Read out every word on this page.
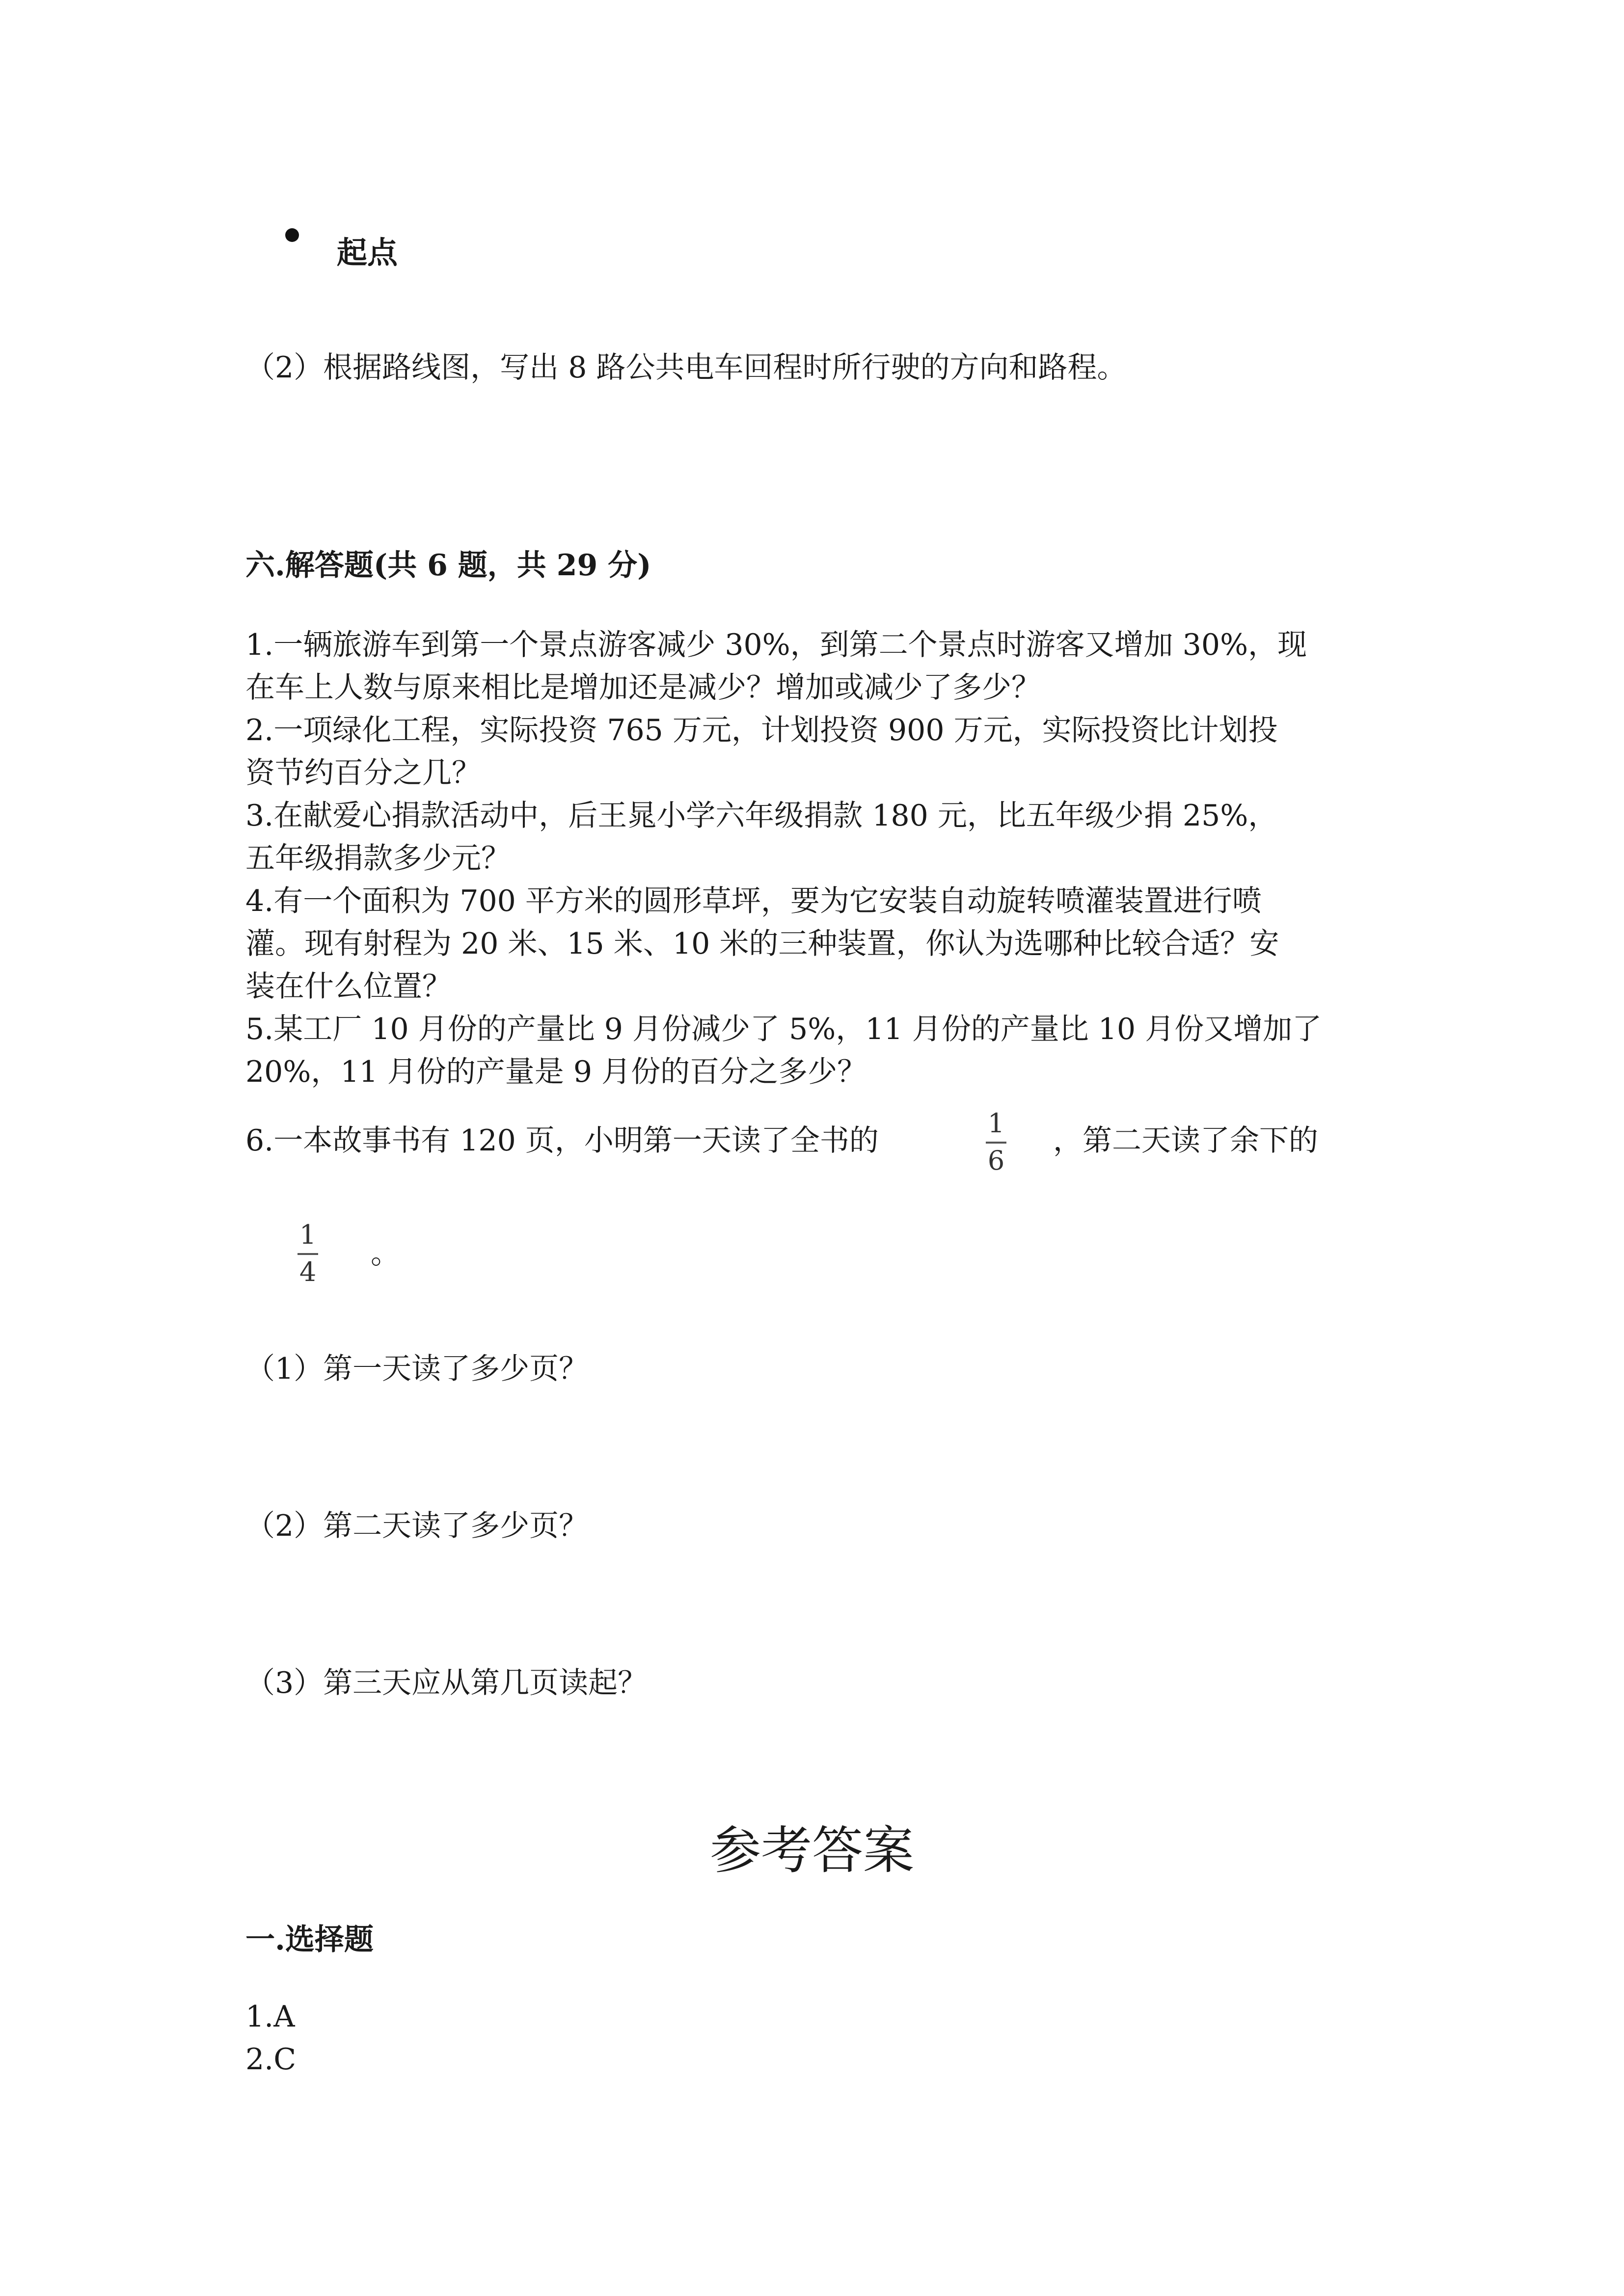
起点
（2）根据路线图，写出 8 路公共电车回程时所行驶的方向和路程。
六.解答题(共 6 题，共 29 分)
1.一辆旅游车到第一个景点游客减少 30%，到第二个景点时游客又增加 30%，现
在车上人数与原来相比是增加还是减少？增加或减少了多少？
2.一项绿化工程，实际投资 765 万元，计划投资 900 万元，实际投资比计划投
资节约百分之几？
3.在献爱心捐款活动中，后王晁小学六年级捐款 180 元，比五年级少捐 25%，
五年级捐款多少元？
4.有一个面积为 700 平方米的圆形草坪，要为它安装自动旋转喷灌装置进行喷
灌。现有射程为 20 米、15 米、10 米的三种装置，你认为选哪种比较合适？安
装在什么位置？
5.某工厂 10 月份的产量比 9 月份减少了 5%，11 月份的产量比 10 月份又增加了
20%，11 月份的产量是 9 月份的百分之多少？
6.一本故事书有 120 页，小明第一天读了全书的
1
6
，第二天读了余下的
1
4
。
（1）第一天读了多少页？
（2）第二天读了多少页？
（3）第三天应从第几页读起？
参考答案
一.选择题
1.A
2.C
